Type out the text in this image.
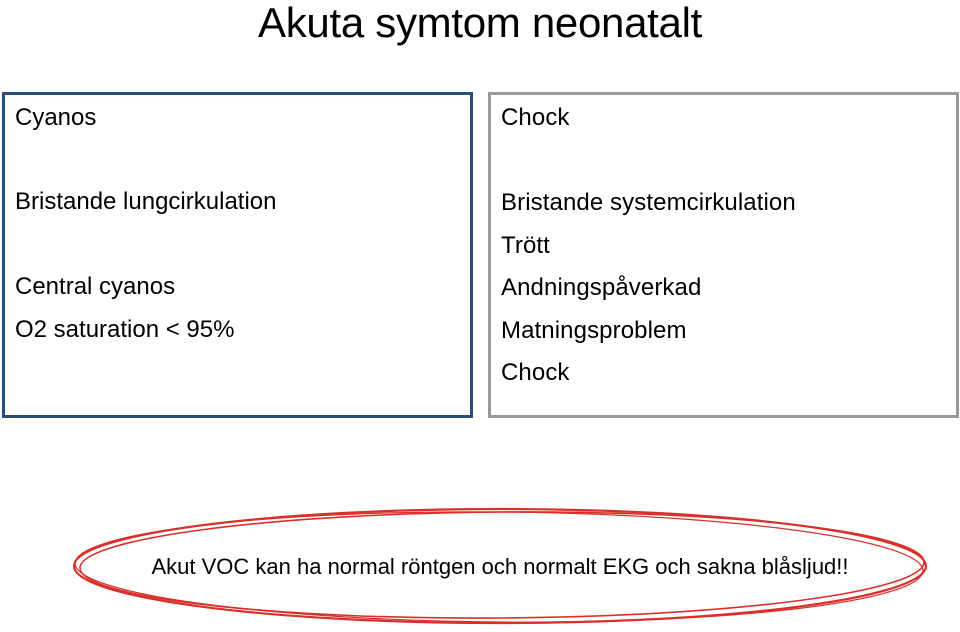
Akuta symtom neonatalt
Cyanos
Bristande lungcirkulation
Central cyanos
O2 saturation < 95%
Chock
Bristande systemcirkulation
Trött
Andningspåverkad
Matningsproblem
Chock
Akut VOC kan ha normal röntgen och normalt EKG och sakna blåsljud!!
